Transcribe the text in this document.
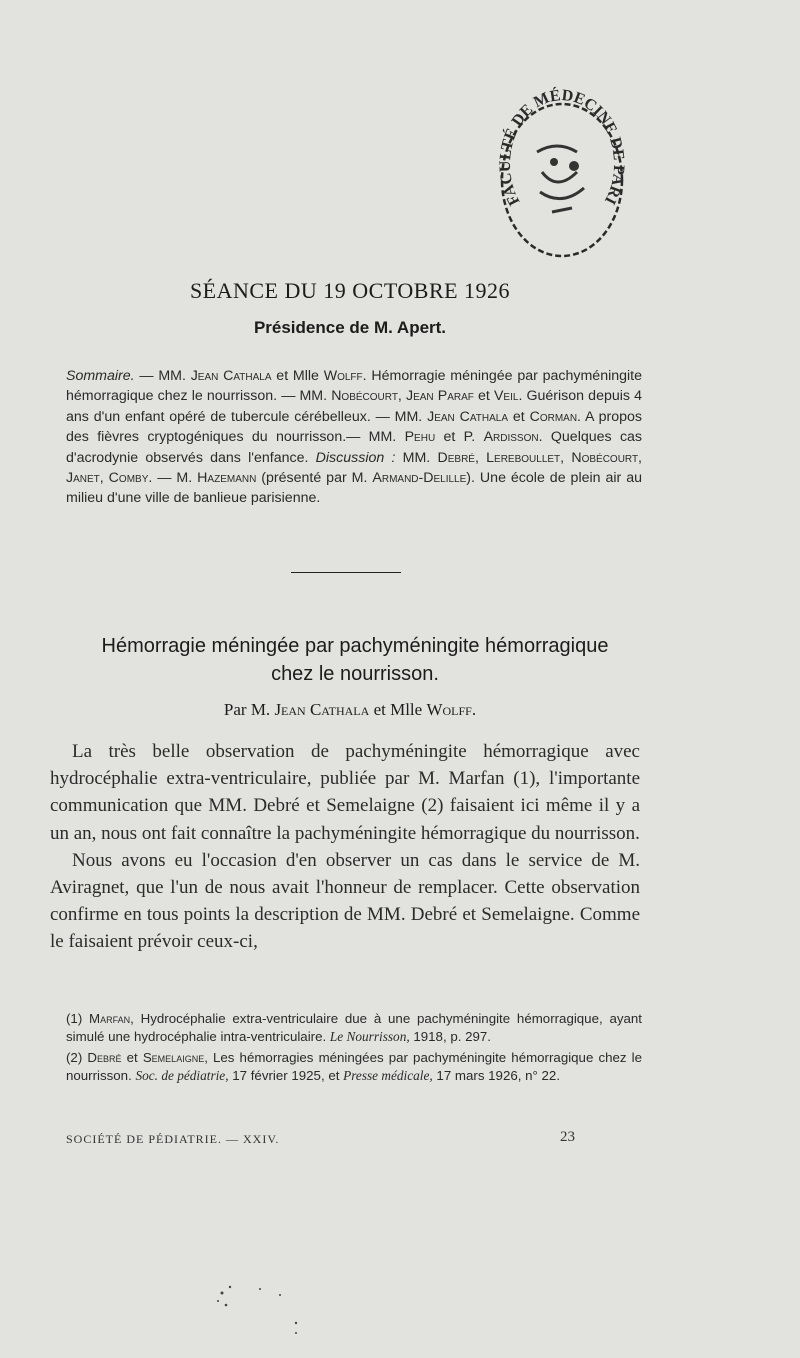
FACULTÉ DE MÉDECINE DE PARI
SÉANCE DU 19 OCTOBRE 1926
Présidence de M. Apert.
Sommaire. — MM. Jean Cathala et Mlle Wolff. Hémorragie méningée par pachyméningite hémorragique chez le nourrisson. — MM. Nobécourt, Jean Paraf et Veil. Guérison depuis 4 ans d'un enfant opéré de tubercule cérébelleux. — MM. Jean Cathala et Corman. A propos des fièvres cryptogéniques du nourrisson.— MM. Pehu et P. Ardisson. Quelques cas d'acrodynie observés dans l'enfance. Discussion : MM. Debré, Lereboullet, Nobécourt, Janet, Comby. — M. Hazemann (présenté par M. Armand-Delille). Une école de plein air au milieu d'une ville de banlieue parisienne.
Hémorragie méningée par pachyméningite hémorragique
chez le nourrisson.
Par M. Jean Cathala et Mlle Wolff.

La très belle observation de pachyméningite hémorragique avec hydrocéphalie extra-ventriculaire, publiée par M. Marfan (1), l'importante communication que MM. Debré et Semelaigne (2) faisaient ici même il y a un an, nous ont fait connaître la pachyméningite hémorragique du nourrisson.

Nous avons eu l'occasion d'en observer un cas dans le service de M. Aviragnet, que l'un de nous avait l'honneur de remplacer. Cette observation confirme en tous points la description de MM. Debré et Semelaigne. Comme le faisaient prévoir ceux-ci,

(1) Marfan, Hydrocéphalie extra-ventriculaire due à une pachyméningite hémorragique, ayant simulé une hydrocéphalie intra-ventriculaire. Le Nourrisson, 1918, p. 297.

(2) Debré et Semelaigne, Les hémorragies méningées par pachyméningite hémorragique chez le nourrisson. Soc. de pédiatrie, 17 février 1925, et Presse médicale, 17 mars 1926, n° 22.

SOCIÉTÉ DE PÉDIATRIE. — XXIV.	23
